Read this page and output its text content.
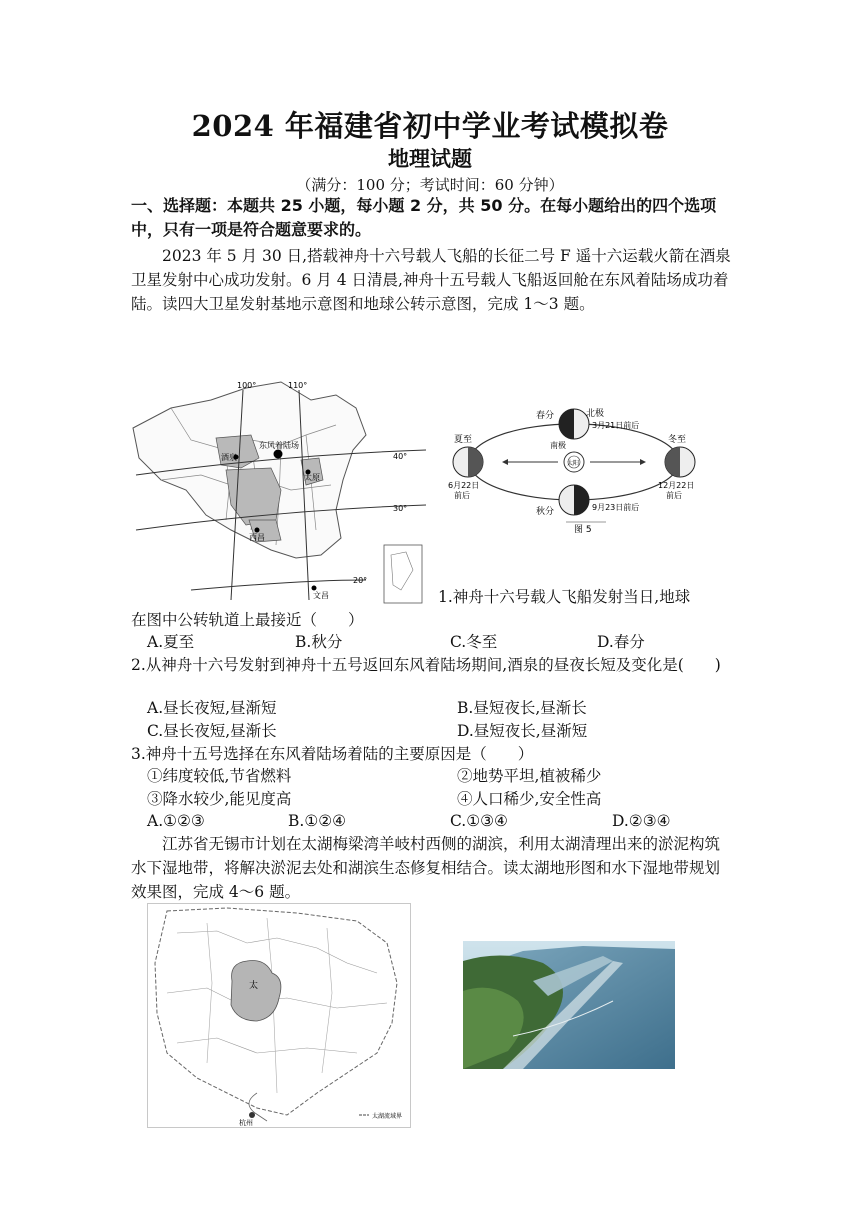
2024 年福建省初中学业考试模拟卷
地理试题
（满分：100 分；考试时间：60 分钟）
一、选择题：本题共 25 小题，每小题 2 分，共 50 分。在每小题给出的四个选项中，只有一项是符合题意要求的。
2023 年 5 月 30 日,搭载神舟十六号载人飞船的长征二号 F 遥十六运载火箭在酒泉卫星发射中心成功发射。6 月 4 日清晨,神舟十五号载人飞船返回舱在东风着陆场成功着陆。读四大卫星发射基地示意图和地球公转示意图，完成 1～3 题。
100°	110°
40°
30°
20°
东风着陆场
酒泉
太原
西昌
文昌
春分	北极
3月21日前后
夏至	冬至
南极
太阳
6月22日
前后
12月22日
前后
秋分	9月23日前后
图 5
1.神舟十六号载人飞船发射当日,地球
在图中公转轨道上最接近（　　）
A.夏至	B.秋分	C.冬至	D.春分
2.从神舟十六号发射到神舟十五号返回东风着陆场期间,酒泉的昼夜长短及变化是(　　)
A.昼长夜短,昼渐短	B.昼短夜长,昼渐长
C.昼长夜短,昼渐长	D.昼短夜长,昼渐短
3.神舟十五号选择在东风着陆场着陆的主要原因是（　　）
①纬度较低,节省燃料	②地势平坦,植被稀少
③降水较少,能见度高	④人口稀少,安全性高
A.①②③	B.①②④	C.①③④	D.②③④
江苏省无锡市计划在太湖梅梁湾羊岐村西侧的湖滨，利用太湖清理出来的淤泥构筑水下湿地带，将解决淤泥去处和湖滨生态修复相结合。读太湖地形图和水下湿地带规划效果图，完成 4～6 题。
太
杭州
太湖流域界
